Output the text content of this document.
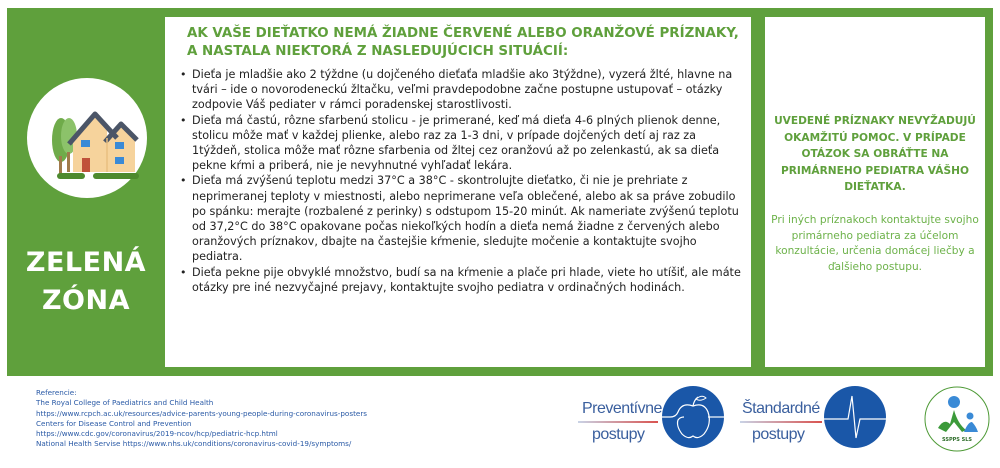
ZELENÁ
ZÓNA
AK VAŠE DIEŤATKO NEMÁ ŽIADNE ČERVENÉ ALEBO ORANŽOVÉ PRÍZNAKY,
A NASTALA NIEKTORÁ Z NASLEDUJÚCICH SITUÁCIÍ:
• Dieťa je mladšie ako 2 týždne (u dojčeného dieťaťa mladšie ako 3týždne), vyzerá žlté, hlavne na tvári – ide o novorodeneckú žltačku, veľmi pravdepodobne začne postupne ustupovať – otázky zodpovie Váš pediater v rámci poradenskej starostlivosti.
• Dieťa má častú, rôzne sfarbenú stolicu - je primerané, keď má dieťa 4-6 plných plienok denne, stolicu môže mať v každej plienke, alebo raz za 1-3 dni, v prípade dojčených detí aj raz za 1týždeň, stolica môže mať rôzne sfarbenia od žltej cez oranžovú až po zelenkastú, ak sa dieťa pekne kŕmi a priberá, nie je nevyhnutné vyhľadať lekára.
• Dieťa má zvýšenú teplotu medzi 37°C a 38°C - skontrolujte dieťatko, či nie je prehriate z neprimeranej teploty v miestnosti, alebo neprimerane veľa oblečené, alebo ak sa práve zobudilo po spánku: merajte (rozbalené z perinky) s odstupom 15-20 minút. Ak nameriate zvýšenú teplotu od 37,2°C do 38°C opakovane počas niekoľkých hodín a dieťa nemá žiadne z červených alebo oranžových príznakov, dbajte na častejšie kŕmenie, sledujte močenie a kontaktujte svojho pediatra.
• Dieťa pekne pije obvyklé množstvo, budí sa na kŕmenie a plače pri hlade, viete ho utíšiť, ale máte otázky pre iné nezvyčajné prejavy, kontaktujte svojho pediatra v ordinačných hodinách.
UVEDENÉ PRÍZNAKY NEVYŽADUJÚ OKAMŽITÚ POMOC. V PRÍPADE OTÁZOK SA OBRÁŤTE NA PRIMÁRNEHO PEDIATRA VÁŠHO DIEŤATKA.
Pri iných príznakoch kontaktujte svojho primárneho pediatra za účelom konzultácie, určenia domácej liečby a ďalšieho postupu.
Referencie:
The Royal College of Paediatrics and Child Health
https://www.rcpch.ac.uk/resources/advice-parents-young-people-during-coronavirus-posters
Centers for Disease Control and Prevention
https://www.cdc.gov/coronavirus/2019-ncov/hcp/pediatric-hcp.html
National Health Servise https://www.nhs.uk/conditions/coronavirus-covid-19/symptoms/
Preventívne
postupy
Štandardné
postupy	SSPPS SLS
